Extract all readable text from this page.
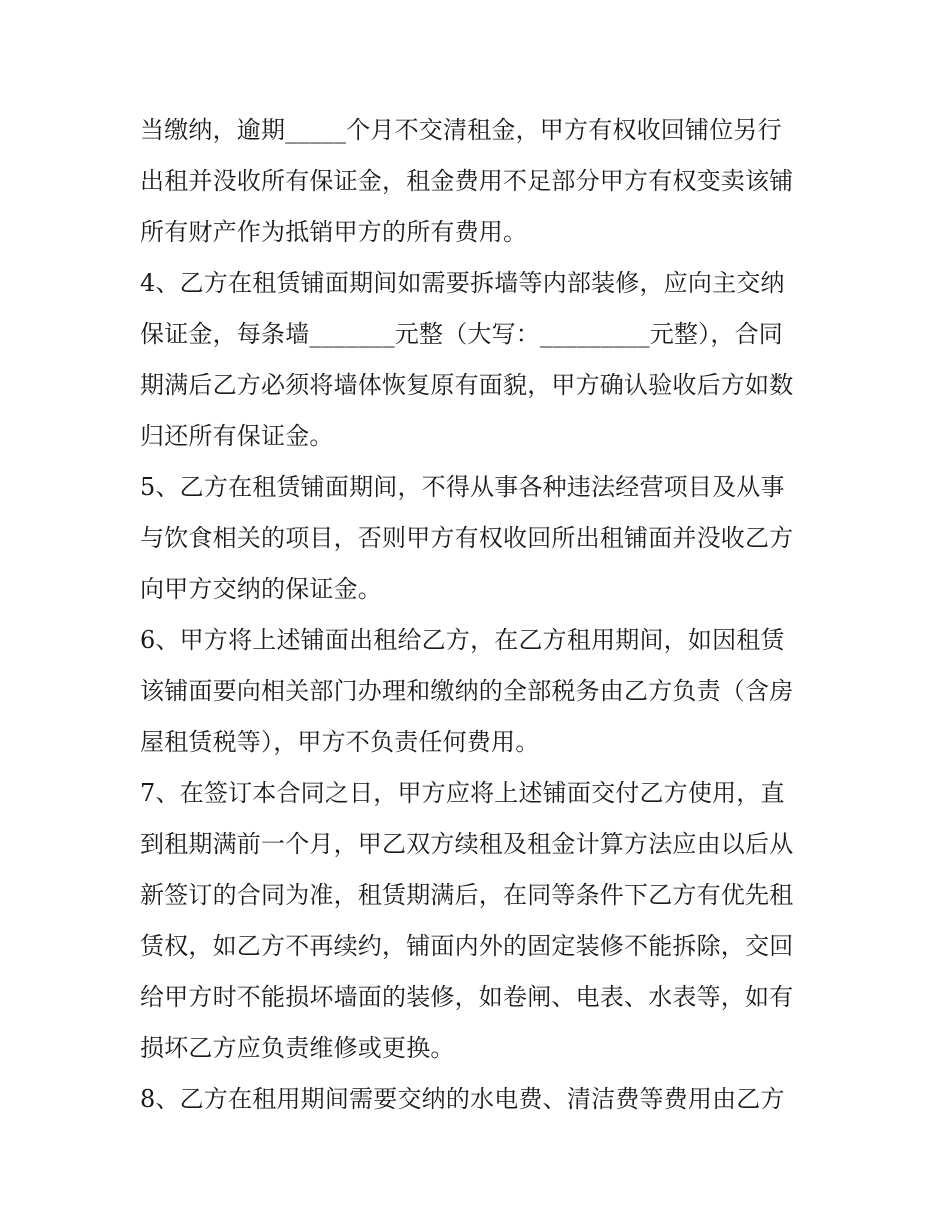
当缴纳，逾期_____个月不交清租金，甲方有权收回铺位另行
出租并没收所有保证金，租金费用不足部分甲方有权变卖该铺
所有财产作为抵销甲方的所有费用。
4、乙方在租赁铺面期间如需要拆墙等内部装修，应向主交纳
保证金，每条墙_______元整（大写：_________元整），合同
期满后乙方必须将墙体恢复原有面貌，甲方确认验收后方如数
归还所有保证金。
5、乙方在租赁铺面期间，不得从事各种违法经营项目及从事
与饮食相关的项目，否则甲方有权收回所出租铺面并没收乙方
向甲方交纳的保证金。
6、甲方将上述铺面出租给乙方，在乙方租用期间，如因租赁
该铺面要向相关部门办理和缴纳的全部税务由乙方负责（含房
屋租赁税等），甲方不负责任何费用。
7、在签订本合同之日，甲方应将上述铺面交付乙方使用，直
到租期满前一个月，甲乙双方续租及租金计算方法应由以后从
新签订的合同为准，租赁期满后，在同等条件下乙方有优先租
赁权，如乙方不再续约，铺面内外的固定装修不能拆除，交回
给甲方时不能损坏墙面的装修，如卷闸、电表、水表等，如有
损坏乙方应负责维修或更换。
8、乙方在租用期间需要交纳的水电费、清洁费等费用由乙方
